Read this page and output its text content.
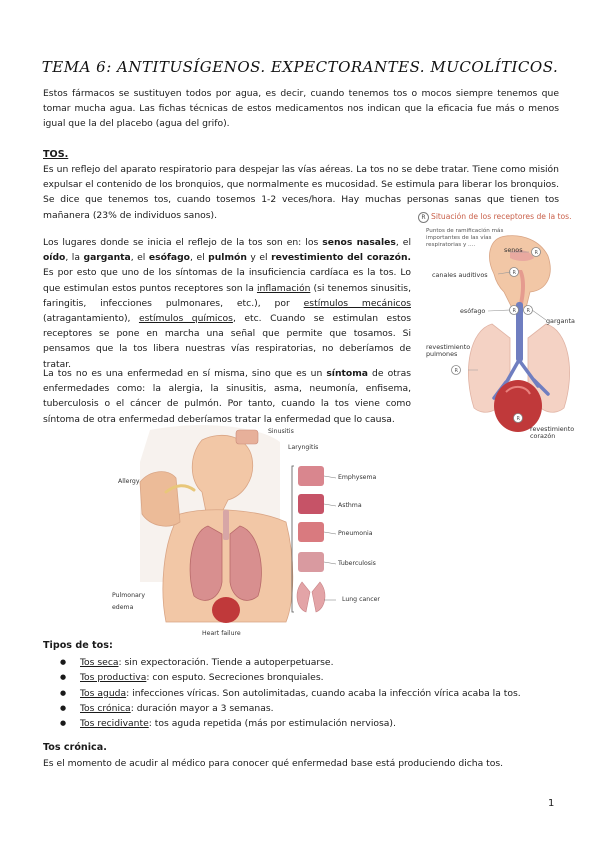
TEMA 6: ANTITUSÍGENOS. EXPECTORANTES. MUCOLÍTICOS.
Estos fármacos se sustituyen todos por agua, es decir, cuando tenemos tos o mocos siempre tenemos que tomar mucha agua. Las fichas técnicas de estos medicamentos nos indican que la eficacia fue más o menos igual que la del placebo (agua del grifo).
TOS.
Es un reflejo del aparato respiratorio para despejar las vías aéreas. La tos no se debe tratar. Tiene como misión expulsar el contenido de los bronquios, que normalmente es mucosidad. Se estimula para liberar los bronquios. Se dice que tenemos tos, cuando tosemos 1-2 veces/hora. Hay muchas personas sanas que tienen tos mañanera (23% de individuos sanos).
Los lugares donde se inicia el reflejo de la tos son en: los senos nasales, el oído, la garganta, el esófago, el pulmón y el revestimiento del corazón. Es por esto que uno de los síntomas de la insuficiencia cardíaca es la tos. Lo que estimulan estos puntos receptores son la inflamación (si tenemos sinusitis, faringitis, infecciones pulmonares, etc.), por estímulos mecánicos (atragantamiento), estímulos químicos, etc. Cuando se estimulan estos receptores se pone en marcha una señal que permite que tosamos. Si pensamos que la tos libera nuestras vías respiratorias, no deberíamos de tratar.
La tos no es una enfermedad en sí misma, sino que es un síntoma de otras enfermedades como: la alergia, la sinusitis, asma, neumonía, enfisema, tuberculosis o el cáncer de pulmón. Por tanto, cuando la tos viene como síntoma de otra enfermedad deberíamos tratar la enfermedad que lo causa.
R
R
R R
R
R
R Situación de los receptores de la tos.
Puntos de ramificación más importantes de las vías respiratorias y ....
senos
canales auditivos
esófago
garganta
revestimiento pulmones
revestimiento corazón
Sinusitis
Laryngitis
Allergy
Emphysema
Asthma
Pneumonia
Tuberculosis
Pulmonary edema
Lung cancer
Heart failure
Tipos de tos:
● Tos seca: sin expectoración. Tiende a autoperpetuarse.
● Tos productiva: con esputo. Secreciones bronquiales.
● Tos aguda: infecciones víricas. Son autolimitadas, cuando acaba la infección vírica acaba la tos.
● Tos crónica: duración mayor a 3 semanas.
● Tos recidivante: tos aguda repetida (más por estimulación nerviosa).
Tos crónica.
Es el momento de acudir al médico para conocer qué enfermedad base está produciendo dicha tos.
1
